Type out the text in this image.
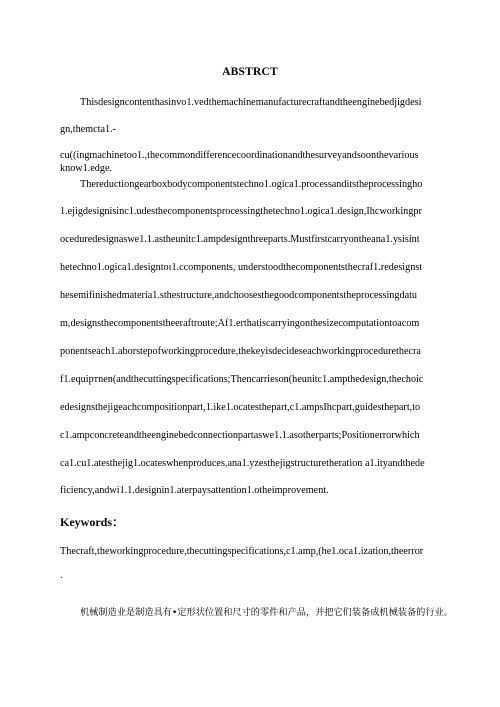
ABSTRCT
Thisdesigncontenthasinvo1.vedthemachinemanufacturecraftandtheenginebedjigdesi
gn,themcta1.-
cu((ingmachinetoo1.,thecommondifferencecoordinationandthesurveyandsoonthevarious
know1.edge.
Thereductiongearboxbodycomponentstechno1.ogica1.processanditstheprocessingho
1.ejigdesignisinc1.udesthecomponentsprocessingthetechno1.ogica1.design,Ihcworkingpr
oceduredesignaswe1.1.astheunitc1.ampdesignthreeparts.Mustfirstcarryontheana1.ysisint
hetechno1.ogica1.designtoı1.ccomponents, understoodthecomponentsthecraf1.redesignst
hesemifinishedmateria1.sthestructure,andchoosesthegoodcomponentstheprocessingdatu
m,designsthecomponentstheeraftroute;Af1.erthatiscarryingonthesizecomputationtoacom
ponentseach1.aborstepofworkingprocedure,thekeyisdecideseachworkingprocedurethecra
f1.equipтnen(andthecuttingspecifications;Thencarrieson(heunitc1.ampthedesign,thechoic
edesignsthejigeachcompositionpart,1.ike1.ocatesthepart,c1.ampsIhcpart,guidesthepart,to
c1.ampconcreteandtheenginebedconnectionpartaswe1.1.asotherparts;Positionerrorwhich
ca1.cu1.atesthejig1.ocateswhenproduces,ana1.yzesthejigstructuretheration a1.ityandthede
Keywords：
Thecraft,theworkingprocedure,thecuttingspecifications,c1.amp,(he1.oca1.ization,theerror
.
机械制造业是制造具有•定形状位置和尺寸的零件和产品，并把它们装备成机械装备的行业。
ficiency,andwi1.1.designin1.aterpaysattention1.otheimprovement.
